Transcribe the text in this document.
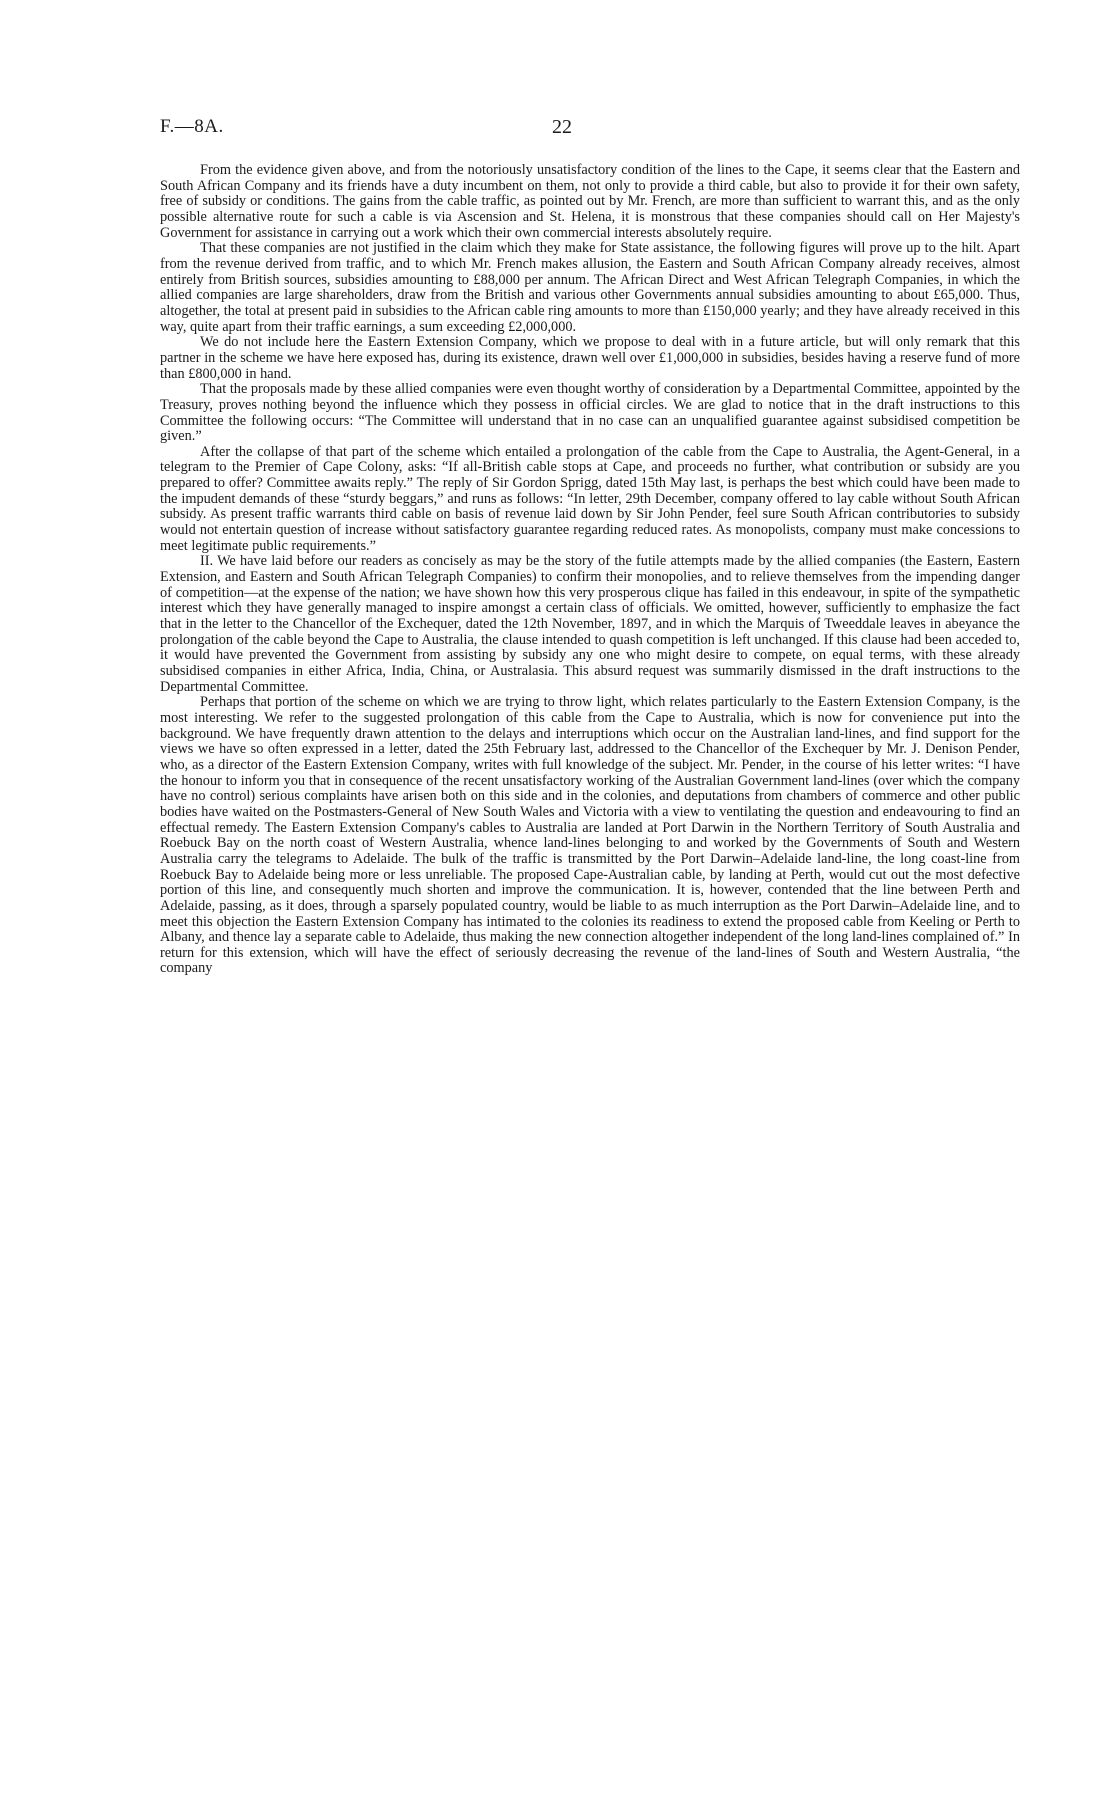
F.—8A.	22

From the evidence given above, and from the notoriously unsatisfactory condition of the lines to the Cape, it seems clear that the Eastern and South African Company and its friends have a duty incumbent on them, not only to provide a third cable, but also to provide it for their own safety, free of subsidy or conditions. The gains from the cable traffic, as pointed out by Mr. French, are more than sufficient to warrant this, and as the only possible alternative route for such a cable is via Ascension and St. Helena, it is monstrous that these companies should call on Her Majesty's Government for assistance in carrying out a work which their own commercial interests absolutely require.

That these companies are not justified in the claim which they make for State assistance, the following figures will prove up to the hilt. Apart from the revenue derived from traffic, and to which Mr. French makes allusion, the Eastern and South African Company already receives, almost entirely from British sources, subsidies amounting to £88,000 per annum. The African Direct and West African Telegraph Companies, in which the allied companies are large shareholders, draw from the British and various other Governments annual subsidies amounting to about £65,000. Thus, altogether, the total at present paid in subsidies to the African cable ring amounts to more than £150,000 yearly; and they have already received in this way, quite apart from their traffic earnings, a sum exceeding £2,000,000.

We do not include here the Eastern Extension Company, which we propose to deal with in a future article, but will only remark that this partner in the scheme we have here exposed has, during its existence, drawn well over £1,000,000 in subsidies, besides having a reserve fund of more than £800,000 in hand.

That the proposals made by these allied companies were even thought worthy of consideration by a Departmental Committee, appointed by the Treasury, proves nothing beyond the influence which they possess in official circles. We are glad to notice that in the draft instructions to this Committee the following occurs: “The Committee will understand that in no case can an unqualified guarantee against subsidised competition be given.”

After the collapse of that part of the scheme which entailed a prolongation of the cable from the Cape to Australia, the Agent-General, in a telegram to the Premier of Cape Colony, asks: “If all-British cable stops at Cape, and proceeds no further, what contribution or subsidy are you prepared to offer? Committee awaits reply.” The reply of Sir Gordon Sprigg, dated 15th May last, is perhaps the best which could have been made to the impudent demands of these “sturdy beggars,” and runs as follows: “In letter, 29th December, company offered to lay cable without South African subsidy. As present traffic warrants third cable on basis of revenue laid down by Sir John Pender, feel sure South African contributories to subsidy would not entertain question of increase without satisfactory guarantee regarding reduced rates. As monopolists, company must make concessions to meet legitimate public requirements.”

II. We have laid before our readers as concisely as may be the story of the futile attempts made by the allied companies (the Eastern, Eastern Extension, and Eastern and South African Telegraph Companies) to confirm their monopolies, and to relieve themselves from the impending danger of competition—at the expense of the nation; we have shown how this very prosperous clique has failed in this endeavour, in spite of the sympathetic interest which they have generally managed to inspire amongst a certain class of officials. We omitted, however, sufficiently to emphasize the fact that in the letter to the Chancellor of the Exchequer, dated the 12th November, 1897, and in which the Marquis of Tweeddale leaves in abeyance the prolongation of the cable beyond the Cape to Australia, the clause intended to quash competition is left unchanged. If this clause had been acceded to, it would have prevented the Government from assisting by subsidy any one who might desire to compete, on equal terms, with these already subsidised companies in either Africa, India, China, or Australasia. This absurd request was summarily dismissed in the draft instructions to the Departmental Committee.

Perhaps that portion of the scheme on which we are trying to throw light, which relates particularly to the Eastern Extension Company, is the most interesting. We refer to the suggested prolongation of this cable from the Cape to Australia, which is now for convenience put into the background. We have frequently drawn attention to the delays and interruptions which occur on the Australian land-lines, and find support for the views we have so often expressed in a letter, dated the 25th February last, addressed to the Chancellor of the Exchequer by Mr. J. Denison Pender, who, as a director of the Eastern Extension Company, writes with full knowledge of the subject. Mr. Pender, in the course of his letter writes: “I have the honour to inform you that in consequence of the recent unsatisfactory working of the Australian Government land-lines (over which the company have no control) serious complaints have arisen both on this side and in the colonies, and deputations from chambers of commerce and other public bodies have waited on the Postmasters-General of New South Wales and Victoria with a view to ventilating the question and endeavouring to find an effectual remedy. The Eastern Extension Company's cables to Australia are landed at Port Darwin in the Northern Territory of South Australia and Roebuck Bay on the north coast of Western Australia, whence land-lines belonging to and worked by the Governments of South and Western Australia carry the telegrams to Adelaide. The bulk of the traffic is transmitted by the Port Darwin–Adelaide land-line, the long coast-line from Roebuck Bay to Adelaide being more or less unreliable. The proposed Cape-Australian cable, by landing at Perth, would cut out the most defective portion of this line, and consequently much shorten and improve the communication. It is, however, contended that the line between Perth and Adelaide, passing, as it does, through a sparsely populated country, would be liable to as much interruption as the Port Darwin–Adelaide line, and to meet this objection the Eastern Extension Company has intimated to the colonies its readiness to extend the proposed cable from Keeling or Perth to Albany, and thence lay a separate cable to Adelaide, thus making the new connection altogether independent of the long land-lines complained of.” In return for this extension, which will have the effect of seriously decreasing the revenue of the land-lines of South and Western Australia, “the company
